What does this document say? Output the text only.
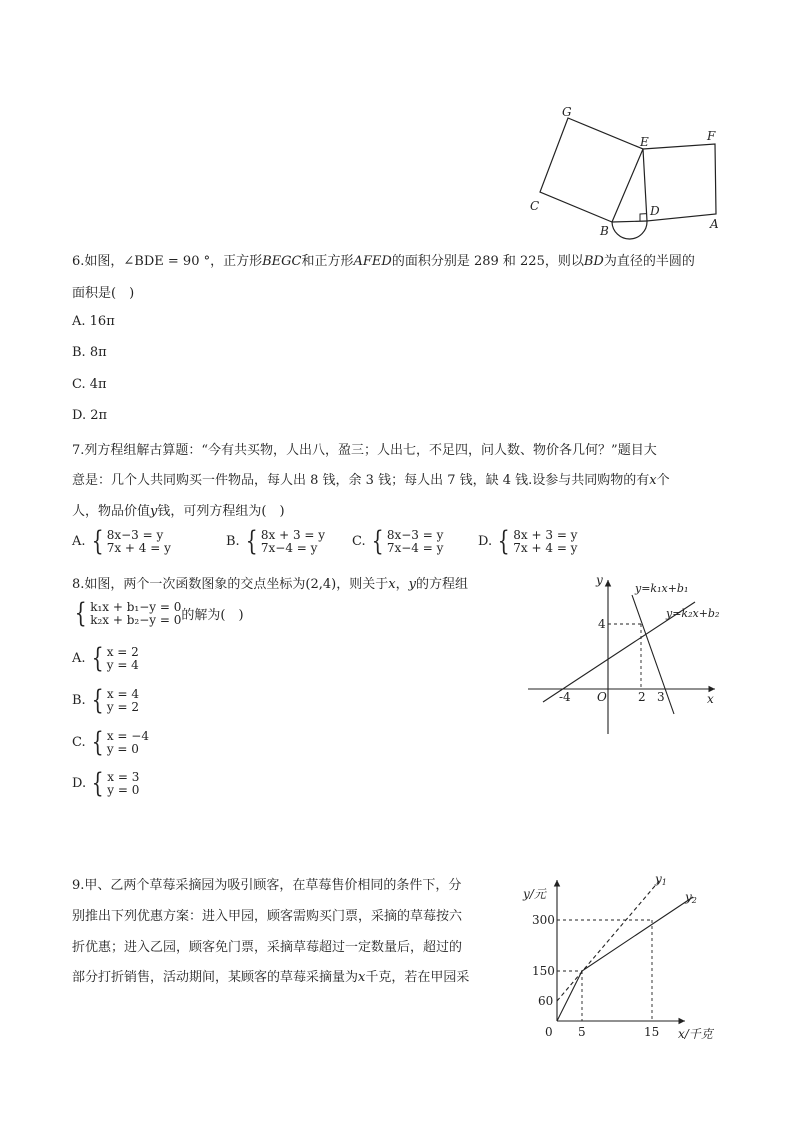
G
E	F
C	D
B	A
6.如图，∠BDE = 90 °，正方形BEGC和正方形AFED的面积分别是 289 和 225，则以BD为直径的半圆的
面积是(　)
A. 16π
B. 8π
C. 4π
D. 2π
7.列方程组解古算题：“今有共买物，人出八，盈三；人出七，不足四，问人数、物价各几何？”题目大
意是：几个人共同购买一件物品，每人出 8 钱，余 3 钱；每人出 7 钱，缺 4 钱.设参与共同购物的有x个
人，物品价值y钱，可列方程组为(　)
A. { 8x−3 = y
7x + 4 = y	B. { 8x + 3 = y
7x−4 = y	C. { 8x−3 = y
7x−4 = y	D. { 8x + 3 = y
7x + 4 = y
8.如图，两个一次函数图象的交点坐标为(2,4)，则关于x，y的方程组
{ k₁x + b₁−y = 0
k₂x + b₂−y = 0 的解为(　)
A. { x = 2
y = 4
B. { x = 4
y = 2
C. { x = −4
y = 0
D. { x = 3
y = 0
y
x
O
y=k₁x+b₁
y=k₂x+b₂
4
-4	2 3
9.甲、乙两个草莓采摘园为吸引顾客，在草莓售价相同的条件下，分
别推出下列优惠方案：进入甲园，顾客需购买门票，采摘的草莓按六
折优惠；进入乙园，顾客免门票，采摘草莓超过一定数量后，超过的
部分打折销售，活动期间，某顾客的草莓采摘量为x千克，若在甲园采
y/元
x/千克
y1
y2
300
150
60
0 5	15
